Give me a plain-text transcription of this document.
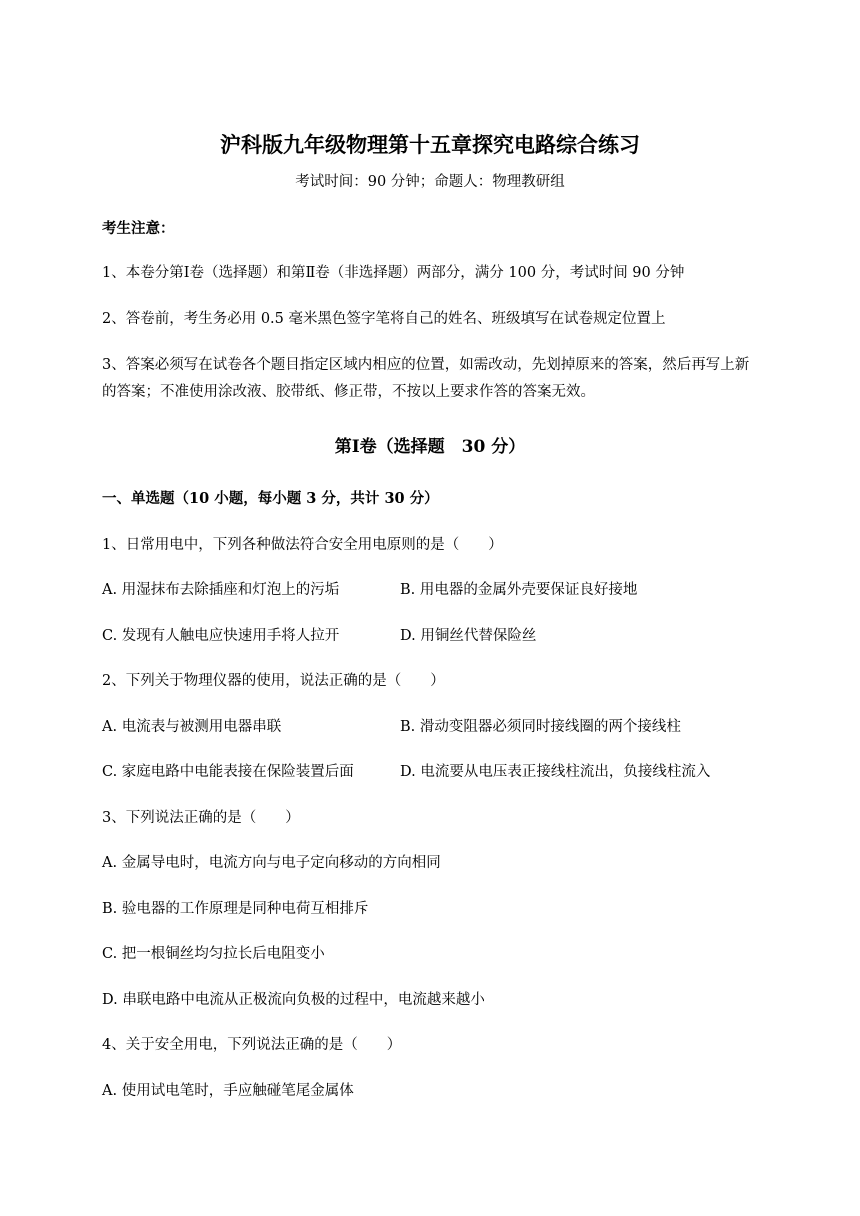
沪科版九年级物理第十五章探究电路综合练习
考试时间：90 分钟；命题人：物理教研组
考生注意：
1、本卷分第Ⅰ卷（选择题）和第Ⅱ卷（非选择题）两部分，满分 100 分，考试时间 90 分钟
2、答卷前，考生务必用 0.5 毫米黑色签字笔将自己的姓名、班级填写在试卷规定位置上
3、答案必须写在试卷各个题目指定区域内相应的位置，如需改动，先划掉原来的答案，然后再写上新
的答案；不准使用涂改液、胶带纸、修正带，不按以上要求作答的答案无效。
第Ⅰ卷（选择题　30 分）
一、单选题（10 小题，每小题 3 分，共计 30 分）
1、日常用电中，下列各种做法符合安全用电原则的是（　　）
A. 用湿抹布去除插座和灯泡上的污垢	B. 用电器的金属外壳要保证良好接地
C. 发现有人触电应快速用手将人拉开	D. 用铜丝代替保险丝
2、下列关于物理仪器的使用，说法正确的是（　　）
A. 电流表与被测用电器串联	B. 滑动变阻器必须同时接线圈的两个接线柱
C. 家庭电路中电能表接在保险装置后面	D. 电流要从电压表正接线柱流出，负接线柱流入
3、下列说法正确的是（　　）
A. 金属导电时，电流方向与电子定向移动的方向相同
B. 验电器的工作原理是同种电荷互相排斥
C. 把一根铜丝均匀拉长后电阻变小
D. 串联电路中电流从正极流向负极的过程中，电流越来越小
4、关于安全用电，下列说法正确的是（　　）
A. 使用试电笔时，手应触碰笔尾金属体
